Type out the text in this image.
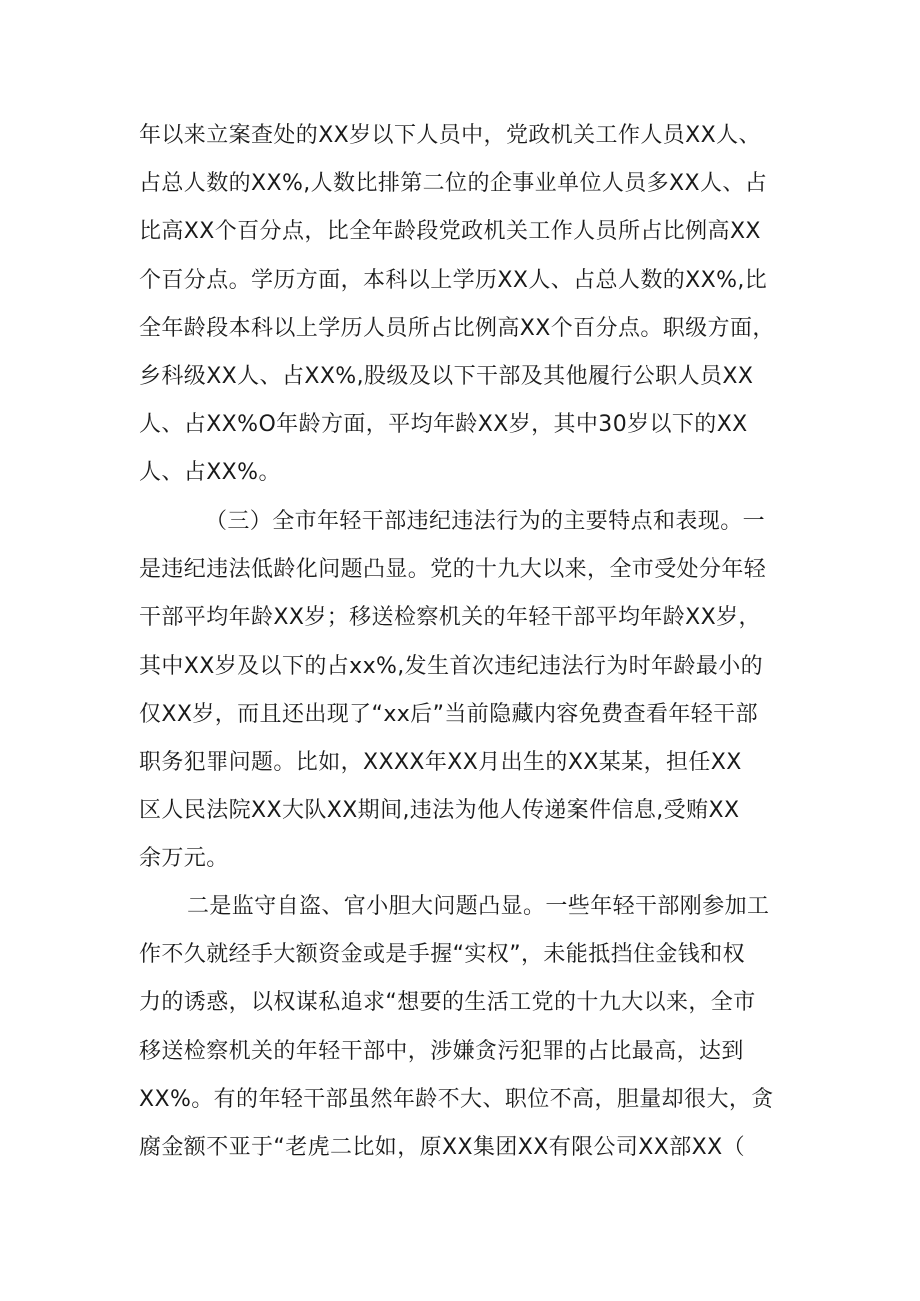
年以来立案查处的XX岁以下人员中，党政机关工作人员XX人、
占总人数的XX%,人数比排第二位的企事业单位人员多XX人、占
比高XX个百分点，比全年龄段党政机关工作人员所占比例高XX
个百分点。学历方面，本科以上学历XX人、占总人数的XX%,比
全年龄段本科以上学历人员所占比例高XX个百分点。职级方面，
乡科级XX人、占XX%,股级及以下干部及其他履行公职人员XX
人、占XX%O年龄方面，平均年龄XX岁，其中30岁以下的XX
人、占XX%。
（三）全市年轻干部违纪违法行为的主要特点和表现。一
是违纪违法低龄化问题凸显。党的十九大以来，全市受处分年轻
干部平均年龄XX岁；移送检察机关的年轻干部平均年龄XX岁，
其中XX岁及以下的占xx%,发生首次违纪违法行为时年龄最小的
仅XX岁，而且还出现了“xx后”当前隐藏内容免费查看年轻干部
职务犯罪问题。比如，XXXX年XX月出生的XX某某，担任XX
区人民法院XX大队XX期间,违法为他人传递案件信息,受贿XX
余万元。
二是监守自盗、官小胆大问题凸显。一些年轻干部刚参加工
作不久就经手大额资金或是手握“实权”，未能抵挡住金钱和权
力的诱惑，以权谋私追求“想要的生活工党的十九大以来，全市
移送检察机关的年轻干部中，涉嫌贪污犯罪的占比最高，达到
XX%。有的年轻干部虽然年龄不大、职位不高，胆量却很大，贪
腐金额不亚于“老虎二比如，原XX集团XX有限公司XX部XX（
